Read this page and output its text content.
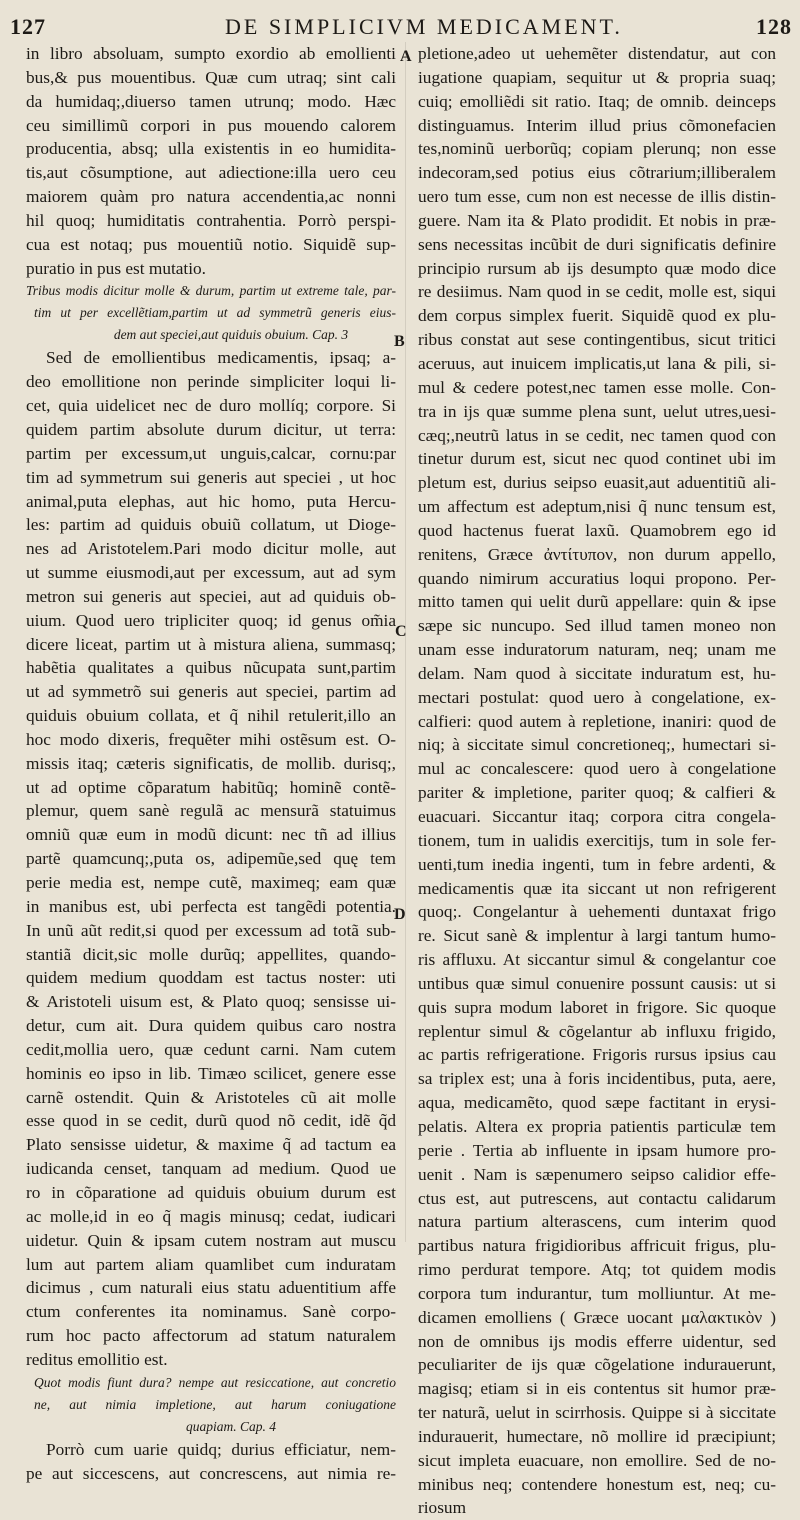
127	DE SIMPLICIVM MEDICAMENT.	128
in libro absoluam, sumpto exordio ab emollienti
bus,& pus mouentibus. Quæ cum utraq; sint cali
da humidaq;,diuerso tamen utrunq; modo. Hæc
ceu simillimũ corpori in pus mouendo calorem
producentia, absq; ulla existentis in eo humidita-
tis,aut cõsumptione, aut adiectione:illa uero ceu
maiorem quàm pro natura accendentia,ac nonni
hil quoq; humiditatis contrahentia. Porrò perspi-
cua est notaq; pus mouentiũ notio. Siquidẽ sup-
puratio in pus est mutatio.
Tribus modis dicitur molle & durum, partim ut extreme tale, par-
tim ut per excellẽtiam,partim ut ad symmetrũ generis eius-
dem aut speciei,aut quiduis obuium. Cap. 3
Sed de emollientibus medicamentis, ipsaq; a-
deo emollitione non perinde simpliciter loqui li-
cet, quia uidelicet nec de duro mollíq; corpore. Si
quidem partim absolute durum dicitur, ut terra:
partim per excessum,ut unguis,calcar, cornu:par
tim ad symmetrum sui generis aut speciei , ut hoc
animal,puta elephas, aut hic homo, puta Hercu-
les: partim ad quiduis obuiũ collatum, ut Dioge-
nes ad Aristotelem.Pari modo dicitur molle, aut
ut summe eiusmodi,aut per excessum, aut ad sym
metron sui generis aut speciei, aut ad quiduis ob-
uium. Quod uero tripliciter quoq; id genus om̃ia
dicere liceat, partim ut à mistura aliena, summasq;
habẽtia qualitates a quibus nũcupata sunt,partim
ut ad symmetrõ sui generis aut speciei, partim ad
quiduis obuium collata, et q̃ nihil retulerit,illo an
hoc modo dixeris, frequẽter mihi ostẽsum est. O-
missis itaq; cæteris significatis, de mollib. durisq;,
ut ad optime cõparatum habitũq; hominẽ contẽ-
plemur, quem sanè regulã ac mensurã statuimus
omniũ quæ eum in modũ dicunt: nec tñ ad illius
partẽ quamcunq;,puta os, adipemũe,sed quę tem
perie media est, nempe cutẽ, maximeq; eam quæ
in manibus est, ubi perfecta est tangẽdi potentia.
In unũ aũt redit,si quod per excessum ad totã sub-
stantiã dicit,sic molle durũq; appellites, quando-
quidem medium quoddam est tactus noster: uti
& Aristoteli uisum est, & Plato quoq; sensisse ui-
detur, cum ait. Dura quidem quibus caro nostra
cedit,mollia uero, quæ cedunt carni. Nam cutem
hominis eo ipso in lib. Timæo scilicet, genere esse
carnẽ ostendit. Quin & Aristoteles cũ ait molle
esse quod in se cedit, durũ quod nõ cedit, idẽ q̃d
Plato sensisse uidetur, & maxime q̃ ad tactum ea
iudicanda censet, tanquam ad medium. Quod ue
ro in cõparatione ad quiduis obuium durum est
ac molle,id in eo q̃ magis minusq; cedat, iudicari
uidetur. Quin & ipsam cutem nostram aut muscu
lum aut partem aliam quamlibet cum induratam
dicimus , cum naturali eius statu aduentitium affe
ctum conferentes ita nominamus. Sanè corpo-
rum hoc pacto affectorum ad statum naturalem
reditus emollitio est.
Quot modis fiunt dura? nempe aut resiccatione, aut concretio
ne, aut nimia impletione, aut harum coniugatione
quapiam. Cap. 4
Porrò cum uarie quidq; durius efficiatur, nem-
pe aut siccescens, aut concrescens, aut nimia re-
pletione,adeo ut uehemẽter distendatur, aut con
iugatione quapiam, sequitur ut & propria suaq;
cuiq; emolliẽdi sit ratio. Itaq; de omnib. deinceps
distinguamus. Interim illud prius cõmonefacien
tes,nominũ uerborũq; copiam plerunq; non esse
indecoram,sed potius eius cõtrarium;illiberalem
uero tum esse, cum non est necesse de illis distin-
guere. Nam ita & Plato prodidit. Et nobis in præ-
sens necessitas incũbit de duri significatis definire
principio rursum ab ijs desumpto quæ modo dice
re desiimus. Nam quod in se cedit, molle est, siqui
dem corpus simplex fuerit. Siquidẽ quod ex plu-
ribus constat aut sese contingentibus, sicut tritici
aceruus, aut inuicem implicatis,ut lana & pili, si-
mul & cedere potest,nec tamen esse molle. Con-
tra in ijs quæ summe plena sunt, uelut utres,uesi-
cæq;,neutrũ latus in se cedit, nec tamen quod con
tinetur durum est, sicut nec quod continet ubi im
pletum est, durius seipso euasit,aut aduentitiũ ali-
um affectum est adeptum,nisi q̃ nunc tensum est,
quod hactenus fuerat laxũ. Quamobrem ego id
renitens, Græce ἀντίτυπον, non durum appello,
quando nimirum accuratius loqui propono. Per-
mitto tamen qui uelit durũ appellare: quin & ipse
sæpe sic nuncupo. Sed illud tamen moneo non
unam esse induratorum naturam, neq; unam me
delam. Nam quod à siccitate induratum est, hu-
mectari postulat: quod uero à congelatione, ex-
calfieri: quod autem à repletione, inaniri: quod de
niq; à siccitate simul concretioneq;, humectari si-
mul ac concalescere: quod uero à congelatione
pariter & impletione, pariter quoq; & calfieri &
euacuari. Siccantur itaq; corpora citra congela-
tionem, tum in ualidis exercitijs, tum in sole fer-
uenti,tum inedia ingenti, tum in febre ardenti, &
medicamentis quæ ita siccant ut non refrigerent
quoq;. Congelantur à uehementi duntaxat frigo
re. Sicut sanè & implentur à largi tantum humo-
ris affluxu. At siccantur simul & congelantur coe
untibus quæ simul conuenire possunt causis: ut si
quis supra modum laboret in frigore. Sic quoque
replentur simul & cõgelantur ab influxu frigido,
ac partis refrigeratione. Frigoris rursus ipsius cau
sa triplex est; una à foris incidentibus, puta, aere,
aqua, medicamẽto, quod sæpe factitant in erysi-
pelatis. Altera ex propria patientis particulæ tem
perie . Tertia ab influente in ipsam humore pro-
uenit . Nam is sæpenumero seipso calidior effe-
ctus est, aut putrescens, aut contactu calidarum
natura partium alterascens, cum interim quod
partibus natura frigidioribus affricuit frigus, plu-
rimo perdurat tempore. Atq; tot quidem modis
corpora tum indurantur, tum molliuntur. At me-
dicamen emolliens ( Græce uocant μαλακτικὸν )
non de omnibus ijs modis efferre uidentur, sed
peculiariter de ijs quæ cõgelatione indurauerunt,
magisq; etiam si in eis contentus sit humor præ-
ter naturã, uelut in scirrhosis. Quippe si à siccitate
indurauerit, humectare, nõ mollire id præcipiunt;
sicut impleta euacuare, non emollire. Sed de no-
minibus neq; contendere honestum est, neq; cu-
riosum
A
B
C
D
